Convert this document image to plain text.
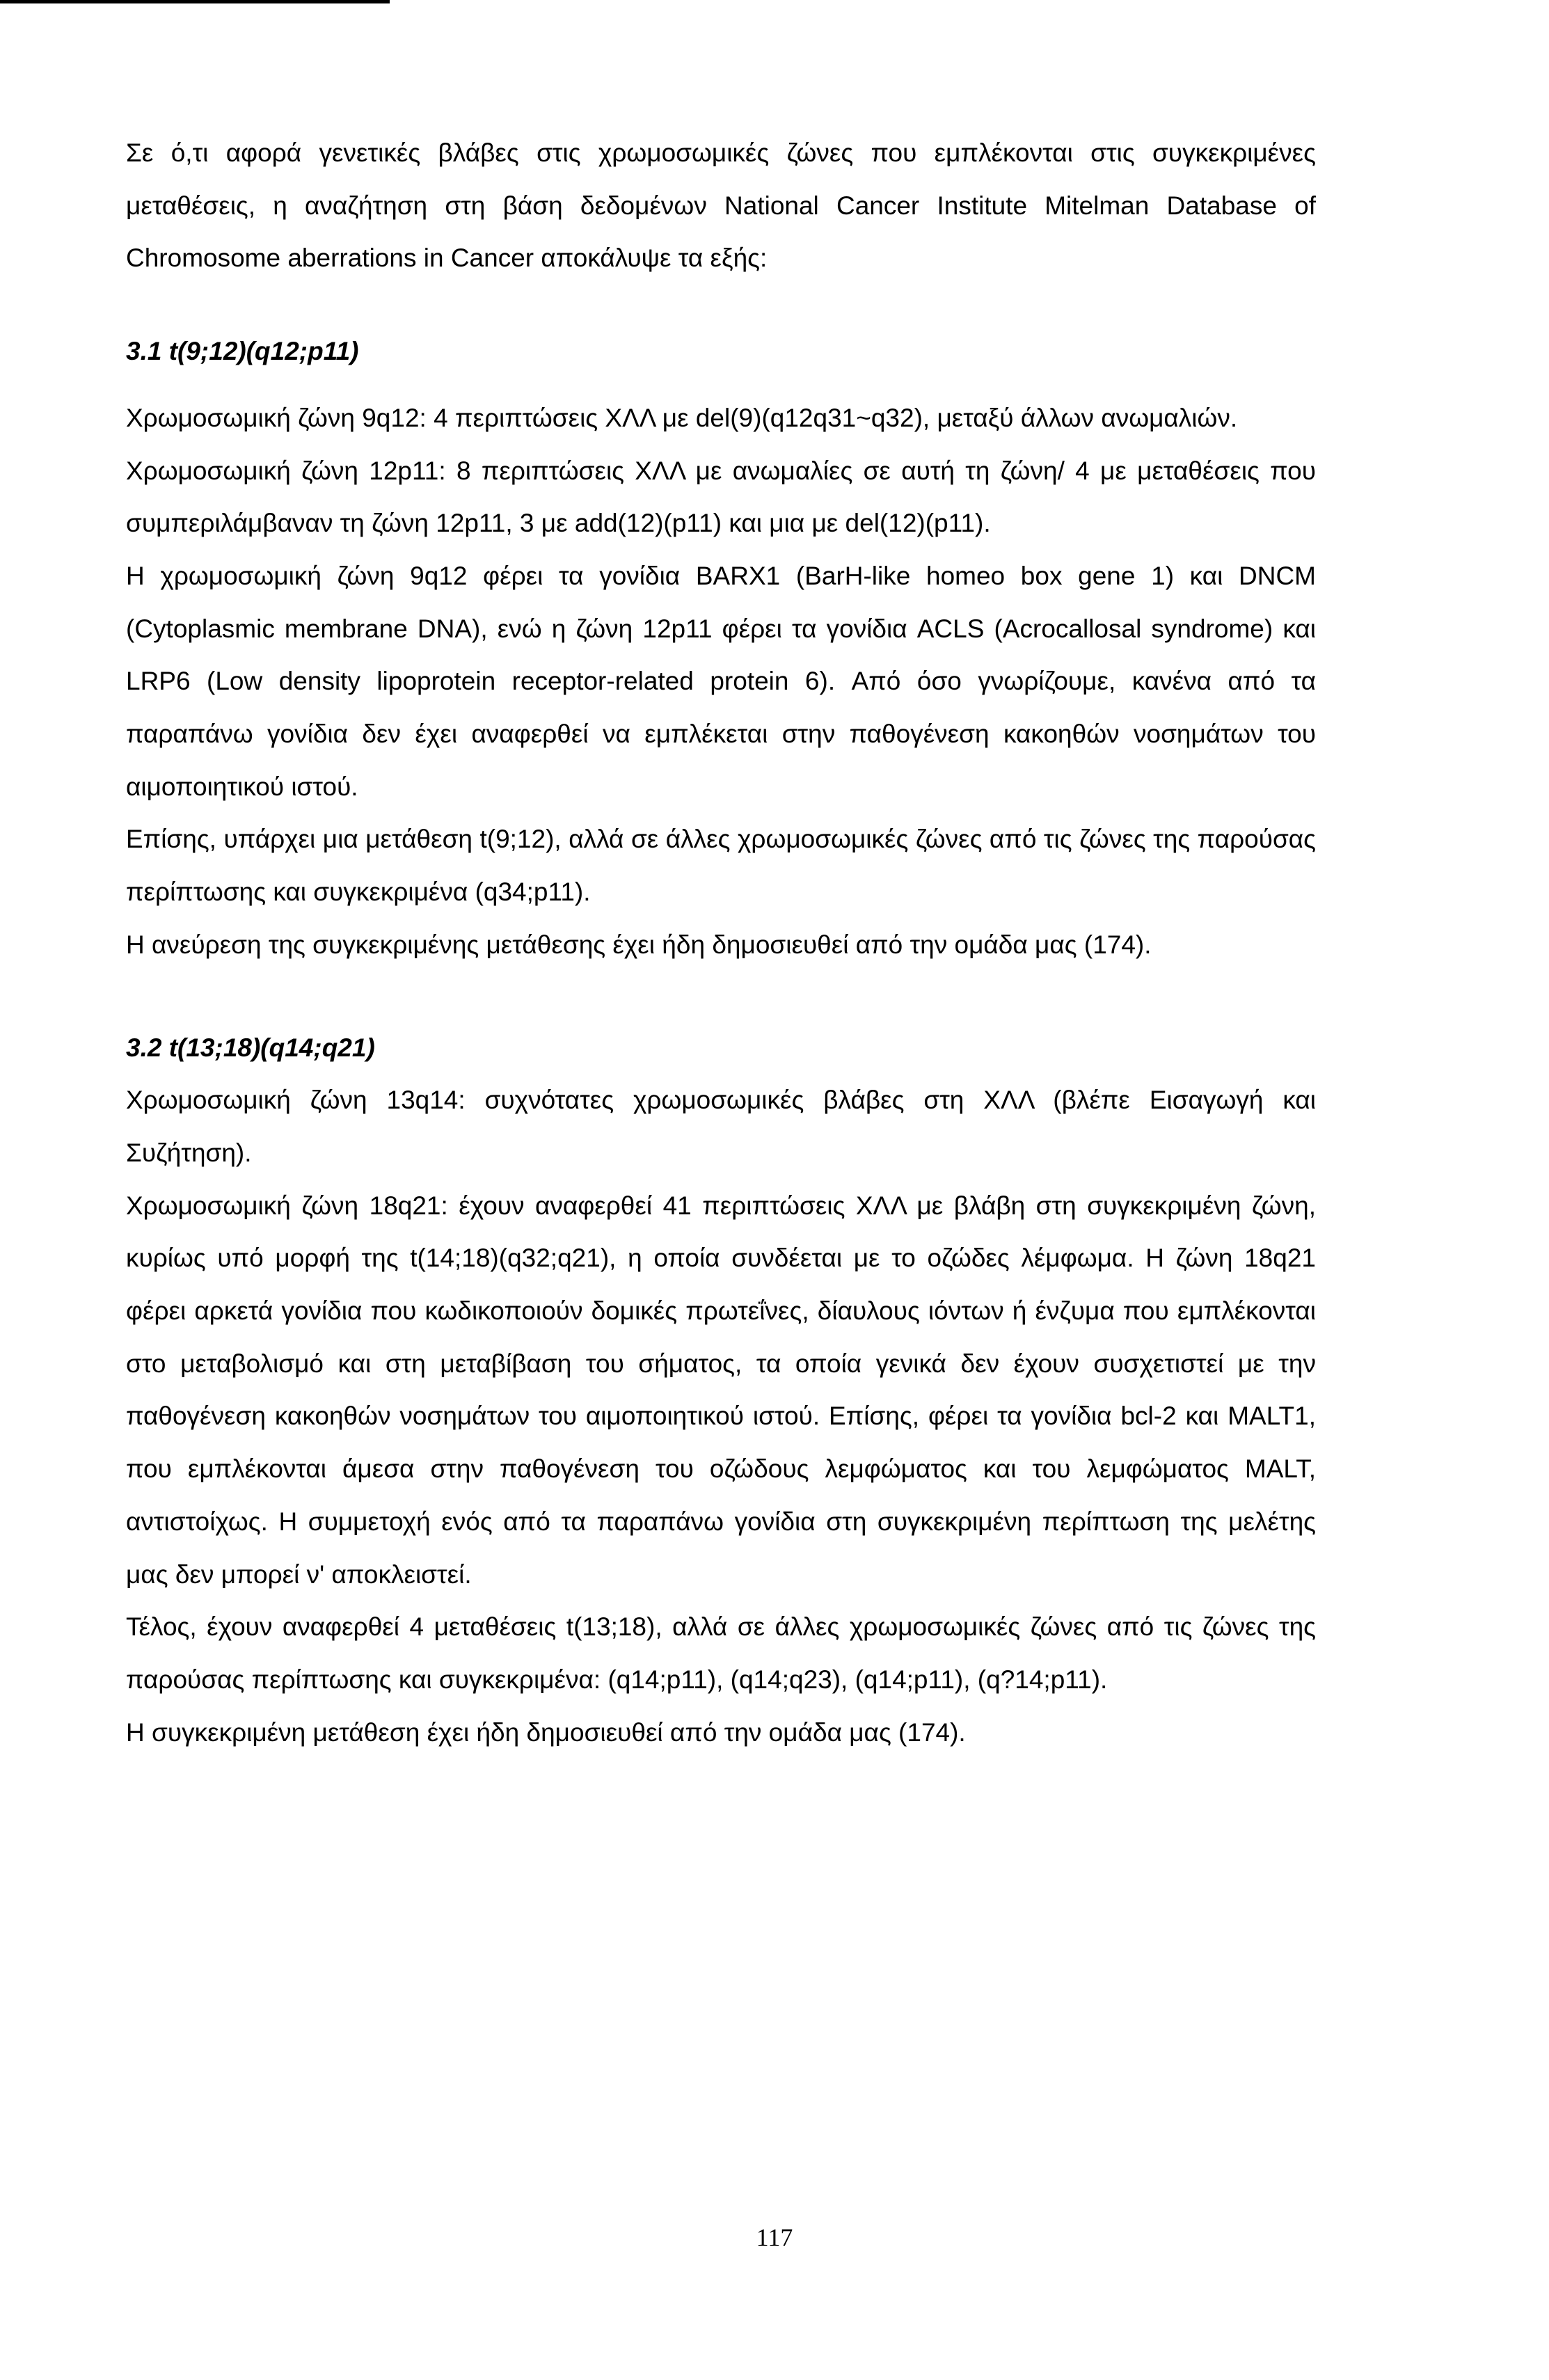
Σε ό,τι αφορά γενετικές βλάβες στις χρωμοσωμικές ζώνες που εμπλέκονται στις συγκεκριμένες μεταθέσεις, η αναζήτηση στη βάση δεδομένων National Cancer Institute Mitelman Database of Chromosome aberrations in Cancer αποκάλυψε τα εξής:

3.1 t(9;12)(q12;p11)

Χρωμοσωμική ζώνη 9q12: 4 περιπτώσεις ΧΛΛ με del(9)(q12q31~q32), μεταξύ άλλων ανωμαλιών.

Χρωμοσωμική ζώνη 12p11: 8 περιπτώσεις ΧΛΛ με ανωμαλίες σε αυτή τη ζώνη/ 4 με μεταθέσεις που συμπεριλάμβαναν τη ζώνη 12p11, 3 με add(12)(p11) και μια με del(12)(p11).

Η χρωμοσωμική ζώνη 9q12 φέρει τα γονίδια BARX1 (BarH-like homeo box gene 1) και DNCM (Cytoplasmic membrane DNA), ενώ η ζώνη 12p11 φέρει τα γονίδια ACLS (Acrocallosal syndrome) και LRP6 (Low density lipoprotein receptor-related protein 6). Από όσο γνωρίζουμε, κανένα από τα παραπάνω γονίδια δεν έχει αναφερθεί να εμπλέκεται στην παθογένεση κακοηθών νοσημάτων του αιμοποιητικού ιστού.

Επίσης, υπάρχει μια μετάθεση t(9;12), αλλά σε άλλες χρωμοσωμικές ζώνες από τις ζώνες της παρούσας περίπτωσης και συγκεκριμένα (q34;p11).

Η ανεύρεση της συγκεκριμένης μετάθεσης έχει ήδη δημοσιευθεί από την ομάδα μας (174).

3.2 t(13;18)(q14;q21)

Χρωμοσωμική ζώνη 13q14: συχνότατες χρωμοσωμικές βλάβες στη ΧΛΛ (βλέπε Εισαγωγή και Συζήτηση).

Χρωμοσωμική ζώνη 18q21: έχουν αναφερθεί 41 περιπτώσεις ΧΛΛ με βλάβη στη συγκεκριμένη ζώνη, κυρίως υπό μορφή της t(14;18)(q32;q21), η οποία συνδέεται με το οζώδες λέμφωμα. Η ζώνη 18q21 φέρει αρκετά γονίδια που κωδικοποιούν δομικές πρωτεΐνες, δίαυλους ιόντων ή ένζυμα που εμπλέκονται στο μεταβολισμό και στη μεταβίβαση του σήματος, τα οποία γενικά δεν έχουν συσχετιστεί με την παθογένεση κακοηθών νοσημάτων του αιμοποιητικού ιστού. Επίσης, φέρει τα γονίδια bcl-2 και MALT1, που εμπλέκονται άμεσα στην παθογένεση του οζώδους λεμφώματος και του λεμφώματος MALT, αντιστοίχως. Η συμμετοχή ενός από τα παραπάνω γονίδια στη συγκεκριμένη περίπτωση της μελέτης μας δεν μπορεί ν' αποκλειστεί.

Τέλος, έχουν αναφερθεί 4 μεταθέσεις t(13;18), αλλά σε άλλες χρωμοσωμικές ζώνες από τις ζώνες της παρούσας περίπτωσης και συγκεκριμένα: (q14;p11), (q14;q23), (q14;p11), (q?14;p11).

Η συγκεκριμένη μετάθεση έχει ήδη δημοσιευθεί από την ομάδα μας (174).

117
